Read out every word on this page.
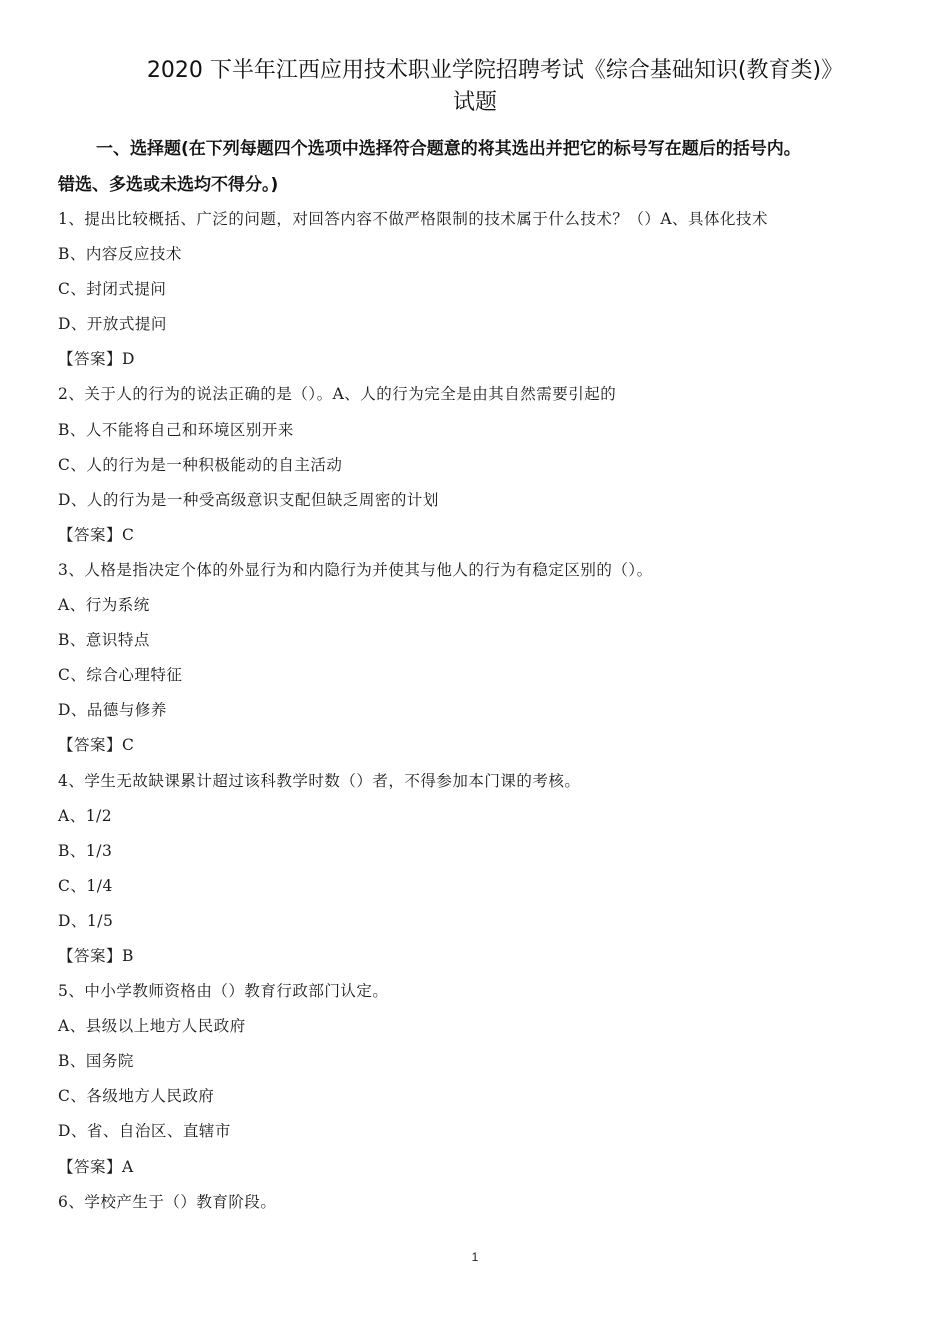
2020 下半年江西应用技术职业学院招聘考试《综合基础知识(教育类)》
试题
一、选择题(在下列每题四个选项中选择符合题意的将其选出并把它的标号写在题后的括号内。
错选、多选或未选均不得分。)
1、提出比较概括、广泛的问题，对回答内容不做严格限制的技术属于什么技术？（）A、具体化技术
B、内容反应技术
C、封闭式提问
D、开放式提问
【答案】D
2、关于人的行为的说法正确的是（）。A、人的行为完全是由其自然需要引起的
B、人不能将自己和环境区别开来
C、人的行为是一种积极能动的自主活动
D、人的行为是一种受高级意识支配但缺乏周密的计划
【答案】C
3、人格是指决定个体的外显行为和内隐行为并使其与他人的行为有稳定区别的（）。
A、行为系统
B、意识特点
C、综合心理特征
D、品德与修养
【答案】C
4、学生无故缺课累计超过该科教学时数（）者，不得参加本门课的考核。
A、1/2
B、1/3
C、1/4
D、1/5
【答案】B
5、中小学教师资格由（）教育行政部门认定。
A、县级以上地方人民政府
B、国务院
C、各级地方人民政府
D、省、自治区、直辖市
【答案】A
6、学校产生于（）教育阶段。
1
